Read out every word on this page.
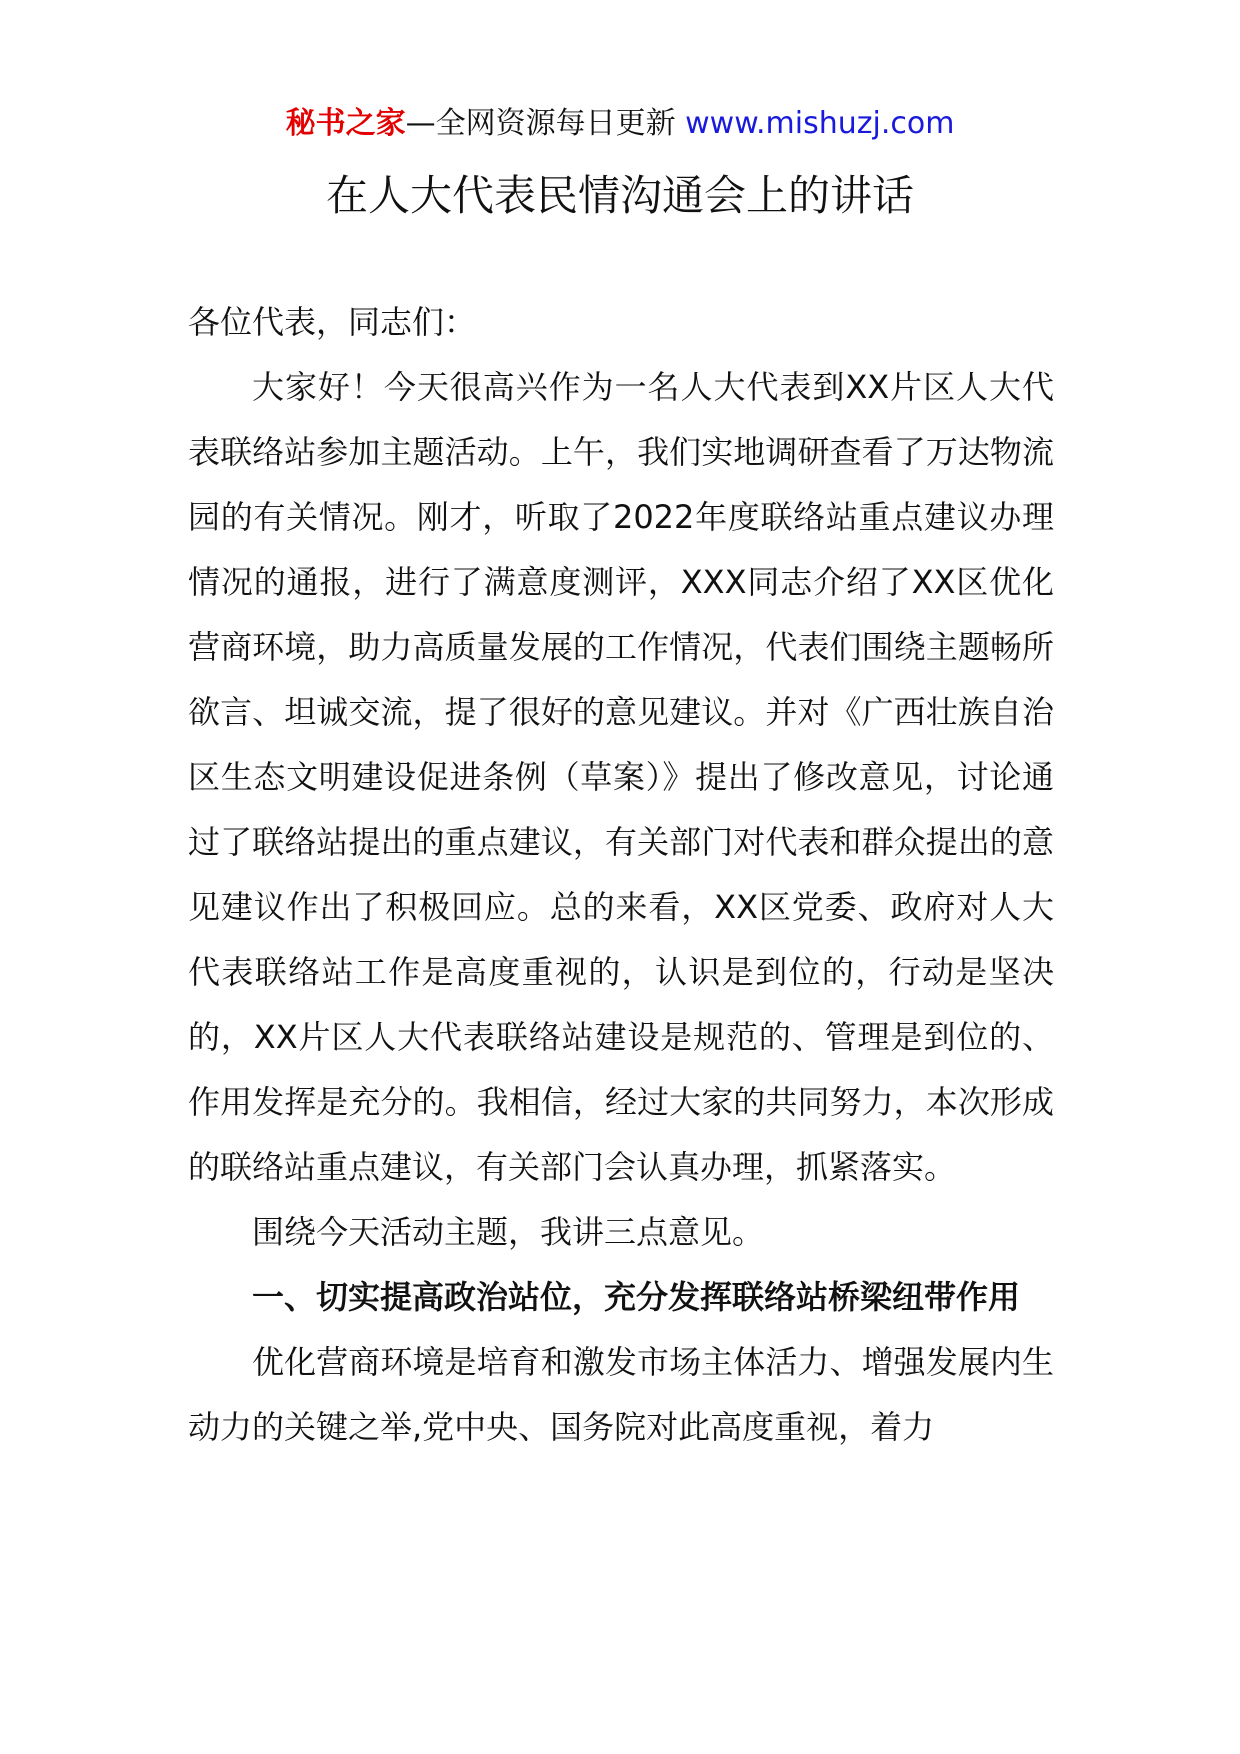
秘书之家—全网资源每日更新 www.mishuzj.com
在人大代表民情沟通会上的讲话

各位代表，同志们：

大家好！今天很高兴作为一名人大代表到XX片区人大代表联络站参加主题活动。上午，我们实地调研查看了万达物流园的有关情况。刚才，听取了2022年度联络站重点建议办理情况的通报，进行了满意度测评，XXX同志介绍了XX区优化营商环境，助力高质量发展的工作情况，代表们围绕主题畅所欲言、坦诚交流，提了很好的意见建议。并对《广西壮族自治区生态文明建设促进条例（草案）》提出了修改意见，讨论通过了联络站提出的重点建议，有关部门对代表和群众提出的意见建议作出了积极回应。总的来看，XX区党委、政府对人大代表联络站工作是高度重视的，认识是到位的，行动是坚决的，XX片区人大代表联络站建设是规范的、管理是到位的、作用发挥是充分的。我相信，经过大家的共同努力，本次形成的联络站重点建议，有关部门会认真办理，抓紧落实。

围绕今天活动主题，我讲三点意见。

一、切实提高政治站位，充分发挥联络站桥梁纽带作用

优化营商环境是培育和激发市场主体活力、增强发展内生动力的关键之举,党中央、国务院对此高度重视，着力
